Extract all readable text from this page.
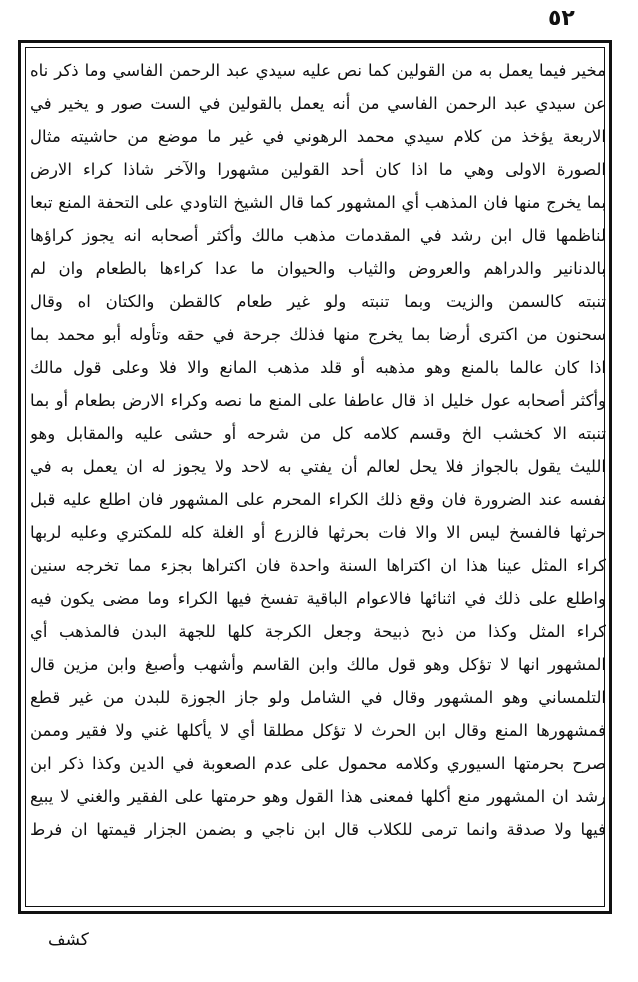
٥٢
مخير فيما يعمل به من القولين كما نص عليه سيدي عبد الرحمن الفاسي وما ذكر ناه
عن سيدي عبد الرحمن الفاسي من أنه يعمل بالقولين في الست صور و يخير في
الاربعة يؤخذ من كلام سيدي محمد الرهوني في غير ما موضع من حاشيته مثال
الصورة الاولى وهي ما اذا كان أحد القولين مشهورا والآخر شاذا كراء الارض
بما يخرج منها فان المذهب أي المشهور كما قال الشيخ التاودي على التحفة المنع تبعا
لناظمها قال ابن رشد في المقدمات مذهب مالك وأكثر أصحابه انه يجوز كراؤها
بالدنانير والدراهم والعروض والثياب والحيوان ما عدا كراءها بالطعام وان لم
تنبته كالسمن والزيت وبما تنبته ولو غير طعام كالقطن والكتان اه وقال
سحنون من اكترى أرضا بما يخرج منها فذلك جرحة في حقه وتأوله أبو محمد بما
اذا كان عالما بالمنع وهو مذهبه أو قلد مذهب المانع والا فلا وعلى قول مالك
وأكثر أصحابه عول خليل اذ قال عاطفا على المنع ما نصه وكراء الارض بطعام أو بما
تنبته الا كخشب الخ وقسم كلامه كل من شرحه أو حشى عليه والمقابل وهو
الليث يقول بالجواز فلا يحل لعالم أن يفتي به لاحد ولا يجوز له ان يعمل به في
نفسه عند الضرورة فان وقع ذلك الكراء المحرم على المشهور فان اطلع عليه قبل
حرثها فالفسخ ليس الا والا فات بحرثها فالزرع أو الغلة كله للمكتري وعليه لربها
كراء المثل عينا هذا ان اكتراها السنة واحدة فان اكتراها بجزء مما تخرجه سنين
واطلع على ذلك في اثنائها فالاعوام الباقية تفسخ فيها الكراء وما مضى يكون فيه
كراء المثل وكذا من ذبح ذبيحة وجعل الكرجة كلها للجهة البدن فالمذهب أي
المشهور انها لا تؤكل وهو قول مالك وابن القاسم وأشهب وأصبغ وابن مزين قال
التلمساني وهو المشهور وقال في الشامل ولو جاز الجوزة للبدن من غير قطع
فمشهورها المنع وقال ابن الحرث لا تؤكل مطلقا أي لا يأكلها غني ولا فقير وممن
صرح بحرمتها السيوري وكلامه محمول على عدم الصعوبة في الدين وكذا ذكر ابن
رشد ان المشهور منع أكلها فمعنى هذا القول وهو حرمتها على الفقير والغني لا يبيع
فيها ولا صدقة وانما ترمى للكلاب قال ابن ناجي و بضمن الجزار قيمتها ان فرط
كشف
